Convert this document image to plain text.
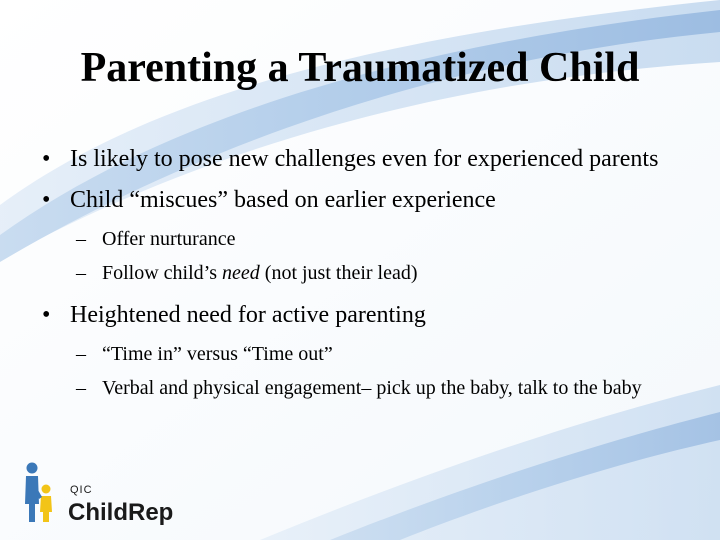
Parenting a Traumatized Child
• Is likely to pose new challenges even for experienced parents
• Child “miscues” based on earlier experience
– Offer nurturance
– Follow child’s need (not just their lead)
• Heightened need for active parenting
– “Time in” versus “Time out”
– Verbal and physical engagement– pick up the baby, talk to the baby
QIC
ChildRep
